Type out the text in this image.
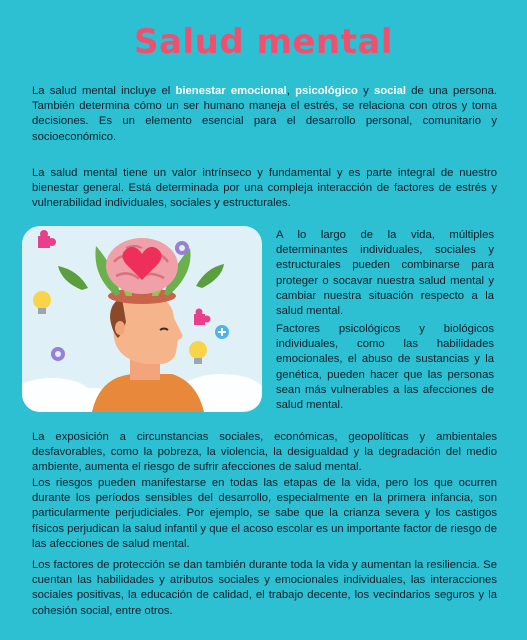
Salud mental
La salud mental incluye el bienestar emocional, psicológico y social de una persona. También determina cómo un ser humano maneja el estrés, se relaciona con otros y toma decisiones. Es un elemento esencial para el desarrollo personal, comunitario y socioeconómico.

La salud mental tiene un valor intrínseco y fundamental y es parte integral de nuestro bienestar general. Está determinada por una compleja interacción de factores de estrés y vulnerabilidad individuales, sociales y estructurales.

A lo largo de la vida, múltiples determinantes individuales, sociales y estructurales pueden combinarse para proteger o socavar nuestra salud mental y cambiar nuestra situación respecto a la salud mental.

Factores psicológicos y biológicos individuales, como las habilidades emocionales, el abuso de sustancias y la genética, pueden hacer que las personas sean más vulnerables a las afecciones de salud mental.

La exposición a circunstancias sociales, económicas, geopolíticas y ambientales desfavorables, como la pobreza, la violencia, la desigualdad y la degradación del medio ambiente, aumenta el riesgo de sufrir afecciones de salud mental.

Los riesgos pueden manifestarse en todas las etapas de la vida, pero los que ocurren durante los períodos sensibles del desarrollo, especialmente en la primera infancia, son particularmente perjudiciales. Por ejemplo, se sabe que la crianza severa y los castigos físicos perjudican la salud infantil y que el acoso escolar es un importante factor de riesgo de las afecciones de salud mental.

Los factores de protección se dan también durante toda la vida y aumentan la resiliencia. Se cuentan las habilidades y atributos sociales y emocionales individuales, las interacciones sociales positivas, la educación de calidad, el trabajo decente, los vecindarios seguros y la cohesión social, entre otros.
